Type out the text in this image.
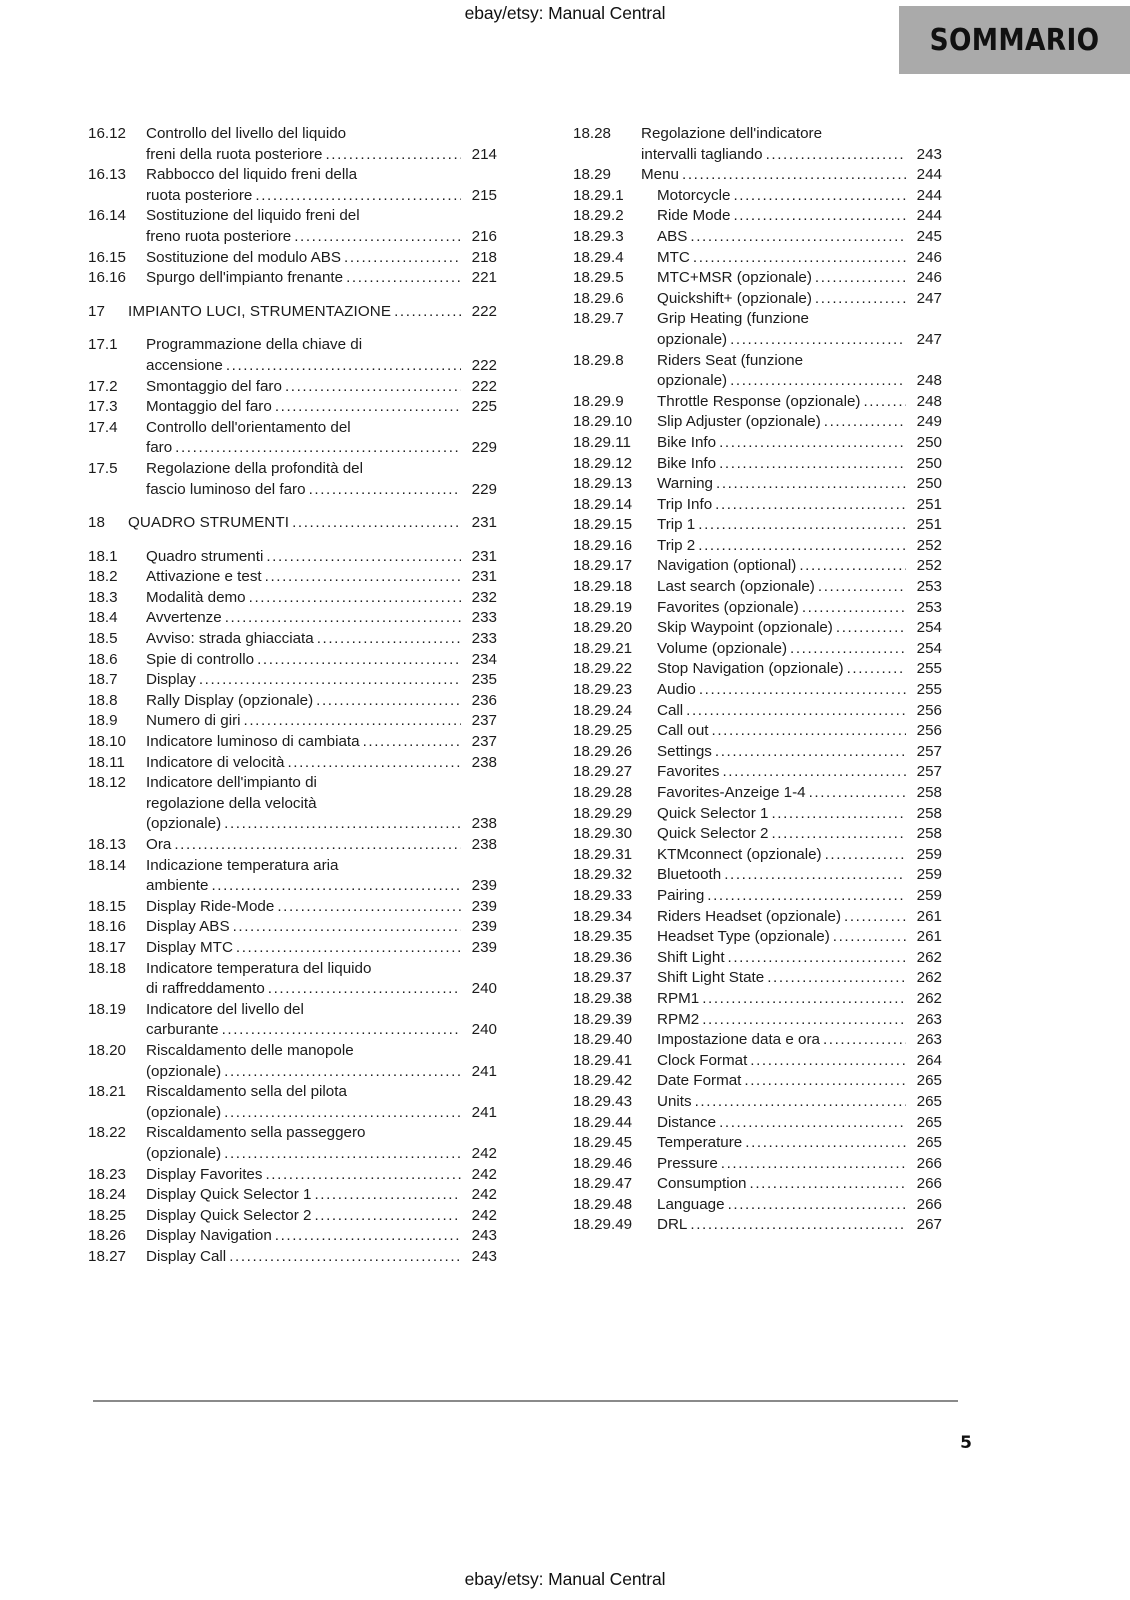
ebay/etsy: Manual Central
SOMMARIO
16.12	Controllo del livello del liquido
freni della ruota posteriore .....	214
16.13	Rabbocco del liquido freni della
ruota posteriore .....	215
16.14	Sostituzione del liquido freni del
freno ruota posteriore .....	216
16.15	Sostituzione del modulo ABS .....	218
16.16	Spurgo dell'impianto frenante .....	221
17	IMPIANTO LUCI, STRUMENTAZIONE .....	222
17.1	Programmazione della chiave di
accensione .....	222
17.2	Smontaggio del faro .....	222
17.3	Montaggio del faro .....	225
17.4	Controllo dell'orientamento del
faro .....	229
17.5	Regolazione della profondità del
fascio luminoso del faro .....	229
18	QUADRO STRUMENTI .....	231
18.1	Quadro strumenti .....	231
18.2	Attivazione e test .....	231
18.3	Modalità demo .....	232
18.4	Avvertenze .....	233
18.5	Avviso: strada ghiacciata .....	233
18.6	Spie di controllo .....	234
18.7	Display .....	235
18.8	Rally Display (opzionale) .....	236
18.9	Numero di giri .....	237
18.10	Indicatore luminoso di cambiata .....	237
18.11	Indicatore di velocità .....	238
18.12	Indicatore dell'impianto di
regolazione della velocità
(opzionale) .....	238
18.13	Ora .....	238
18.14	Indicazione temperatura aria
ambiente .....	239
18.15	Display Ride-Mode .....	239
18.16	Display ABS .....	239
18.17	Display MTC .....	239
18.18	Indicatore temperatura del liquido
di raffreddamento .....	240
18.19	Indicatore del livello del
carburante .....	240
18.20	Riscaldamento delle manopole
(opzionale) .....	241
18.21	Riscaldamento sella del pilota
(opzionale) .....	241
18.22	Riscaldamento sella passeggero
(opzionale) .....	242
18.23	Display Favorites .....	242
18.24	Display Quick Selector 1 .....	242
18.25	Display Quick Selector 2 .....	242
18.26	Display Navigation .....	243
18.27	Display Call .....	243
18.28	Regolazione dell'indicatore
intervalli tagliando .....	243
18.29	Menu .....	244
18.29.1	Motorcycle .....	244
18.29.2	Ride Mode .....	244
18.29.3	ABS .....	245
18.29.4	MTC .....	246
18.29.5	MTC+MSR (opzionale) .....	246
18.29.6	Quickshift+ (opzionale) .....	247
18.29.7	Grip Heating (funzione
opzionale) .....	247
18.29.8	Riders Seat (funzione
opzionale) .....	248
18.29.9	Throttle Response (opzionale) .....	248
18.29.10	Slip Adjuster (opzionale) .....	249
18.29.11	Bike Info .....	250
18.29.12	Bike Info .....	250
18.29.13	Warning .....	250
18.29.14	Trip Info .....	251
18.29.15	Trip 1 .....	251
18.29.16	Trip 2 .....	252
18.29.17	Navigation (optional) .....	252
18.29.18	Last search (opzionale) .....	253
18.29.19	Favorites (opzionale) .....	253
18.29.20	Skip Waypoint (opzionale) .....	254
18.29.21	Volume (opzionale) .....	254
18.29.22	Stop Navigation (opzionale) .....	255
18.29.23	Audio .....	255
18.29.24	Call .....	256
18.29.25	Call out .....	256
18.29.26	Settings .....	257
18.29.27	Favorites .....	257
18.29.28	Favorites-Anzeige 1-4 .....	258
18.29.29	Quick Selector 1 .....	258
18.29.30	Quick Selector 2 .....	258
18.29.31	KTMconnect (opzionale) .....	259
18.29.32	Bluetooth .....	259
18.29.33	Pairing .....	259
18.29.34	Riders Headset (opzionale) .....	261
18.29.35	Headset Type (opzionale) .....	261
18.29.36	Shift Light .....	262
18.29.37	Shift Light State .....	262
18.29.38	RPM1 .....	262
18.29.39	RPM2 .....	263
18.29.40	Impostazione data e ora .....	263
18.29.41	Clock Format .....	264
18.29.42	Date Format .....	265
18.29.43	Units .....	265
18.29.44	Distance .....	265
18.29.45	Temperature .....	265
18.29.46	Pressure .....	266
18.29.47	Consumption .....	266
18.29.48	Language .....	266
18.29.49	DRL .....	267
5
ebay/etsy: Manual Central
